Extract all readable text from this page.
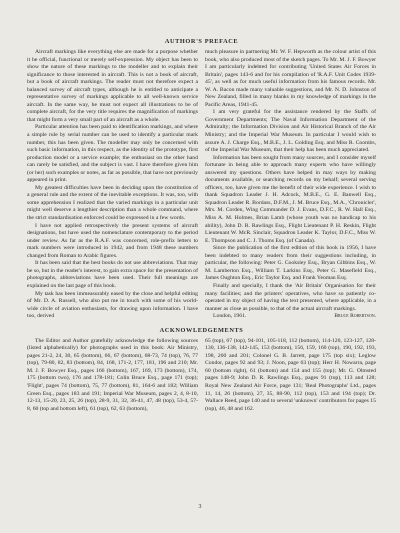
AUTHOR'S PREFACE

Aircraft markings like everything else are made for a purpose whether it be official, functional or merely self-expression. My object has been to show the nature of these markings to the modeller and to explain their significance to those interested in aircraft. This is not a book of aircraft, but a book of aircraft markings. The reader must not therefore expect a balanced survey of aircraft types, although he is entitled to anticipate a representative survey of markings applicable to all well-known service aircraft. In the same way, he must not expect all illustrations to be of complete aircraft, for the very title requires the magnification of markings that might form a very small part of an aircraft as a whole.

Particular attention has been paid to identification markings, and where a simple rule by serial number can be used to identify a particular mark number, this has been given. The modeller may only be concerned with such basic information, in this respect, as the identity of the prototype, first production model or a service example; the enthusiast on the other hand can rarely be satisfied, and the subject is vast. I have therefore given him (or her) such examples or notes, as far as possible, that have not previously appeared in print.

My greatest difficulties have been in deciding upon the constitution of a general rule and the extent of the inevitable exceptions. It was, too, with some apprehension I realized that the varied markings in a particular unit might well deserve a lengthier description than a whole command, where the strict standardisation enforced could be expressed in a few words.

I have not applied retrospectively the present systems of aircraft designations, but have used the nomenclature contemporary to the period under review. As far as the R.A.F. was concerned, role-prefix letters to mark numbers were introduced in 1942, and from 1948 these numbers changed from Roman to Arabic figures.

It has been said that the best books do not use abbreviations. That may be so, but in the reader's interest, to gain extra space for the presentation of photographs, abbreviations have been used. Their full meanings are explained on the last page of this book.

My task has been immeasurably eased by the close and helpful editing of Mr. D. A. Russell, who also put me in touch with some of his world-wide circle of aviation enthusiasts, for drawing upon information. I have too, derived

much pleasure in partnering Mr. W. F. Hepworth as the colour artist of this book, who also produced most of the sketch pages. To Mr. M. J. F. Bowyer I am particularly indebted for contributing 'United States Air Forces in Britain', pages 143-6 and for his compilation of 'R.A.F. Unit Codes 1939-45', as well as for much useful information from his famous records. Mr. W. A. Bacon made many valuable suggestions, and Mr. N. D. Johnston of New Zealand, filled in many blanks in my knowledge of markings in the Pacific Areas, 1941-45.

I am very grateful for the assistance rendered by the Staffs of Government Departments; The Naval Information Department of the Admiralty; the Information Division and Air Historical Branch of the Air Ministry; and the Imperial War Museum. In particular I would wish to assure A. J. Charge Esq., M.B.E., J. L. Golding Esq. and Miss R. Coombs, of the Imperial War Museum, that their help has been much appreciated.

Information has been sought from many sources, and I consider myself fortunate in being able to approach many experts who have willingly answered my questions. Others have helped in may ways by making documents available, or searching records on my behalf; several serving officers, too, have given me the benefit of their wide experience. I wish to thank Squadron Leader J. H. Adcock, M.B.E., G. E. Banwell Esq., Squadron Leader R. Bordass, D.F.M., J. M. Bruce Esq., M.A., 'Chronicler', Mrs. M. Corden, Wing Commander D. J. Evans, D.F.C., R. W. Hall Esq., Miss A. M. Holmes, Brian Lamb (whose youth was no handicap to his ability), John D. R. Rawlings Esq., Flight Lieutenant P. H. Reskin, Flight Lieutenant W. McR. Sinclair, Squadron Leader K. Taylor, D.F.C., Miss W. E. Thompson and C. J. Thoms Esq. (of Canada).

Since the publication of the first edition of this book in 1956, I have been indebted to many readers from their suggestions including, in particular, the following: Peter G. Cooksley Esq., Bryan Gibbins Esq., W. M. Lamberton Esq., William T. Larkins Esq., Peter G. Masefield Esq., James Oughton Esq., Eric Taylor Esq. and Frank Yeoman Esq.

Finally and specially, I thank the 'Air Britain' Organisation for their many facilities; and the printers' operatives, who have so patiently co-operated in my object of having the text presented, where applicable, in a manner as close as possible, to that of the actual aircraft markings.

London, 1961.	Bruce Robertson.
ACKNOWLEDGEMENTS

The Editor and Author gratefully acknowledge the following sources (listed alphabetically) for photographs used in this book: Air Ministry, pages 21-2, 24, 30, 65 (bottom), 66, 67 (bottom), 68-73, 74 (top), 76, 77 (top), 79-80, 82, 83 (bottom), 84, 168, 171-2, 177, 181, 196 and 210; Mr. M. J. F. Bowyer Esq., pages 166 (bottom), 167, 169, 173 (bottom), 174, 175 (bottom two), 176 and 178-181; Colin Bruce Esq., page 171 (top); 'Flight', pages 74 (bottom), 75, 77 (bottom), 81, 164-6 and 182; William Green Esq., pages 183 and 191; Imperial War Museum, pages 2, 4, 8-10, 12-13, 15-20, 23, 25, 26 (top), 28-9, 31, 32, 36-41, 47, 48 (top), 53-4, 57-8, 60 (top and bottom left), 61 (top), 62, 63 (bottom),

65 (top), 67 (top), 94-101, 105-118, 112 (bottom), 114-120, 123-127, 128-130, 136-138, 142-145, 153 (bottom), 156, 159, 160 (top), 190, 192, 193, 198, 200 and 201; Colonel G. B. Jarrett, page 175 (top six); Leglow Condor, pages 92 and 93; J. Noon, page 63 (top); Herr H. Nowarra, page 60 (bottom right), 61 (bottom) and 154 and 155 (top); Mr. G. Olmsted pages 148-9; John D. R. Rawlings Esq., pages 91 (top), 113 and 128; Royal New Zealand Air Force, page 131; 'Real Photographs' Ltd., pages 11, 14, 26 (bottom), 27, 35, 88-90, 112 (top), 153 and 194 (top); Dr. Wallace Reed, page 140 and to several 'unknown' contributors for pages 15 (top), 46, 48 and 162.

3
